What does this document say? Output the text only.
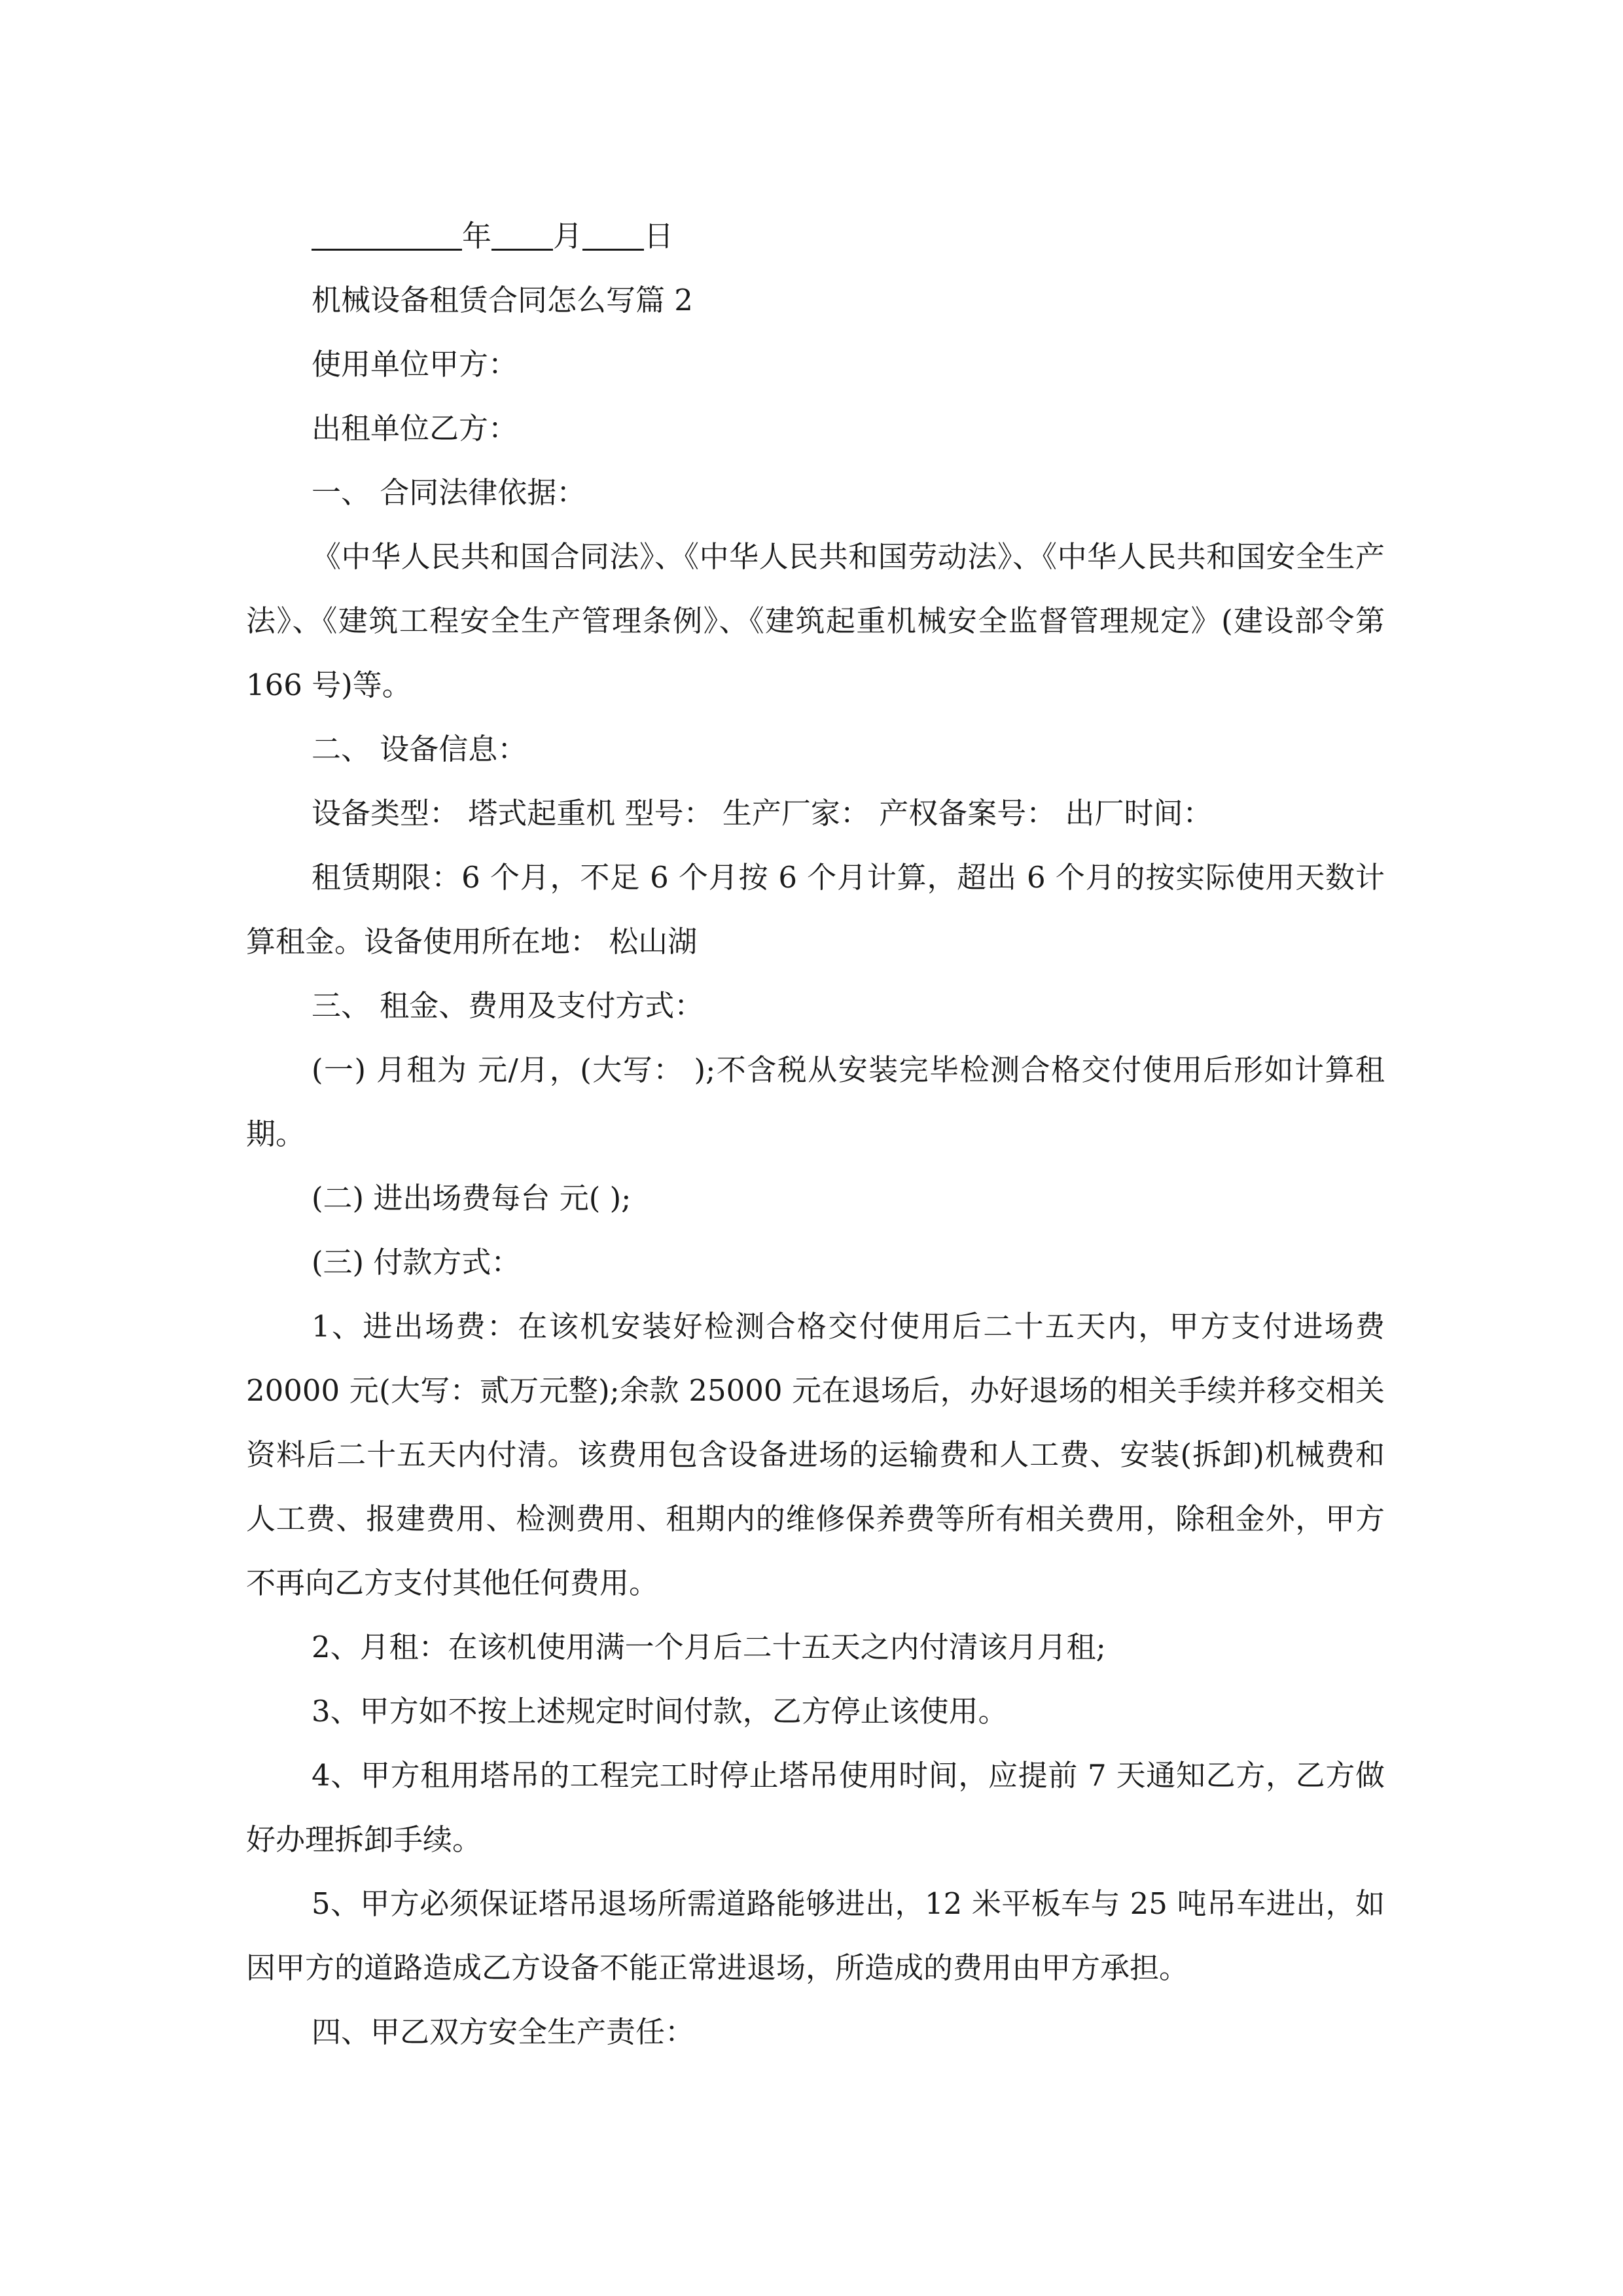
年 月 日

机械设备租赁合同怎么写篇 2

使用单位甲方：

出租单位乙方：

一、 合同法律依据：

《中华人民共和国合同法》、《中华人民共和国劳动法》、《中华人民共和国安全生产法》、《建筑工程安全生产管理条例》、《建筑起重机械安全监督管理规定》(建设部令第 166 号)等。

二、 设备信息：

设备类型： 塔式起重机 型号： 生产厂家： 产权备案号： 出厂时间：

租赁期限：6 个月，不足 6 个月按 6 个月计算，超出 6 个月的按实际使用天数计算租金。设备使用所在地： 松山湖

三、 租金、费用及支付方式：

(一) 月租为 元/月，(大写： );不含税从安装完毕检测合格交付使用后形如计算租期。

(二) 进出场费每台 元( );

(三) 付款方式：

1、进出场费：在该机安装好检测合格交付使用后二十五天内，甲方支付进场费 20000 元(大写：贰万元整);余款 25000 元在退场后，办好退场的相关手续并移交相关资料后二十五天内付清。该费用包含设备进场的运输费和人工费、安装(拆卸)机械费和人工费、报建费用、检测费用、租期内的维修保养费等所有相关费用，除租金外，甲方不再向乙方支付其他任何费用。

2、月租：在该机使用满一个月后二十五天之内付清该月月租;

3、甲方如不按上述规定时间付款，乙方停止该使用。

4、甲方租用塔吊的工程完工时停止塔吊使用时间，应提前 7 天通知乙方，乙方做好办理拆卸手续。

5、甲方必须保证塔吊退场所需道路能够进出，12 米平板车与 25 吨吊车进出，如因甲方的道路造成乙方设备不能正常进退场，所造成的费用由甲方承担。

四、甲乙双方安全生产责任：
